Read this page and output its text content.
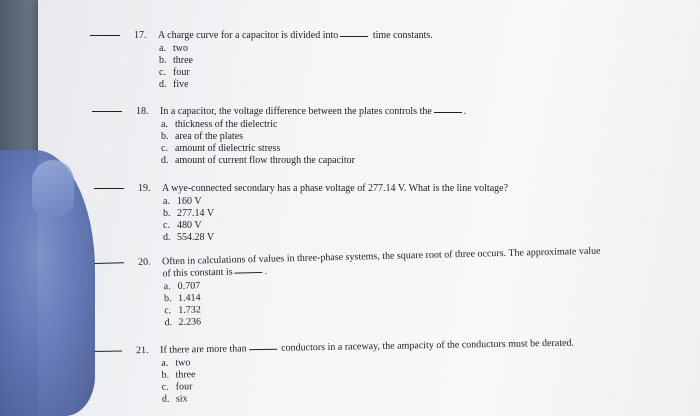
17. A charge curve for a capacitor is divided into	time constants.
a. two
b. three
c. four
d. five
18. In a capacitor, the voltage difference between the plates controls the	.
a. thickness of the dielectric
b. area of the plates
c. amount of dielectric stress
d. amount of current flow through the capacitor
19. A wye-connected secondary has a phase voltage of 277.14 V. What is the line voltage?
a. 160 V
b. 277.14 V
c. 480 V
d. 554.28 V
20. Often in calculations of values in three-phase systems, the square root of three occurs. The approximate value
of this constant is	.
a. 0.707
b. 1.414
c. 1.732
d. 2.236
21. If there are more than	conductors in a raceway, the ampacity of the conductors must be derated.
a. two
b. three
c. four
d. six
